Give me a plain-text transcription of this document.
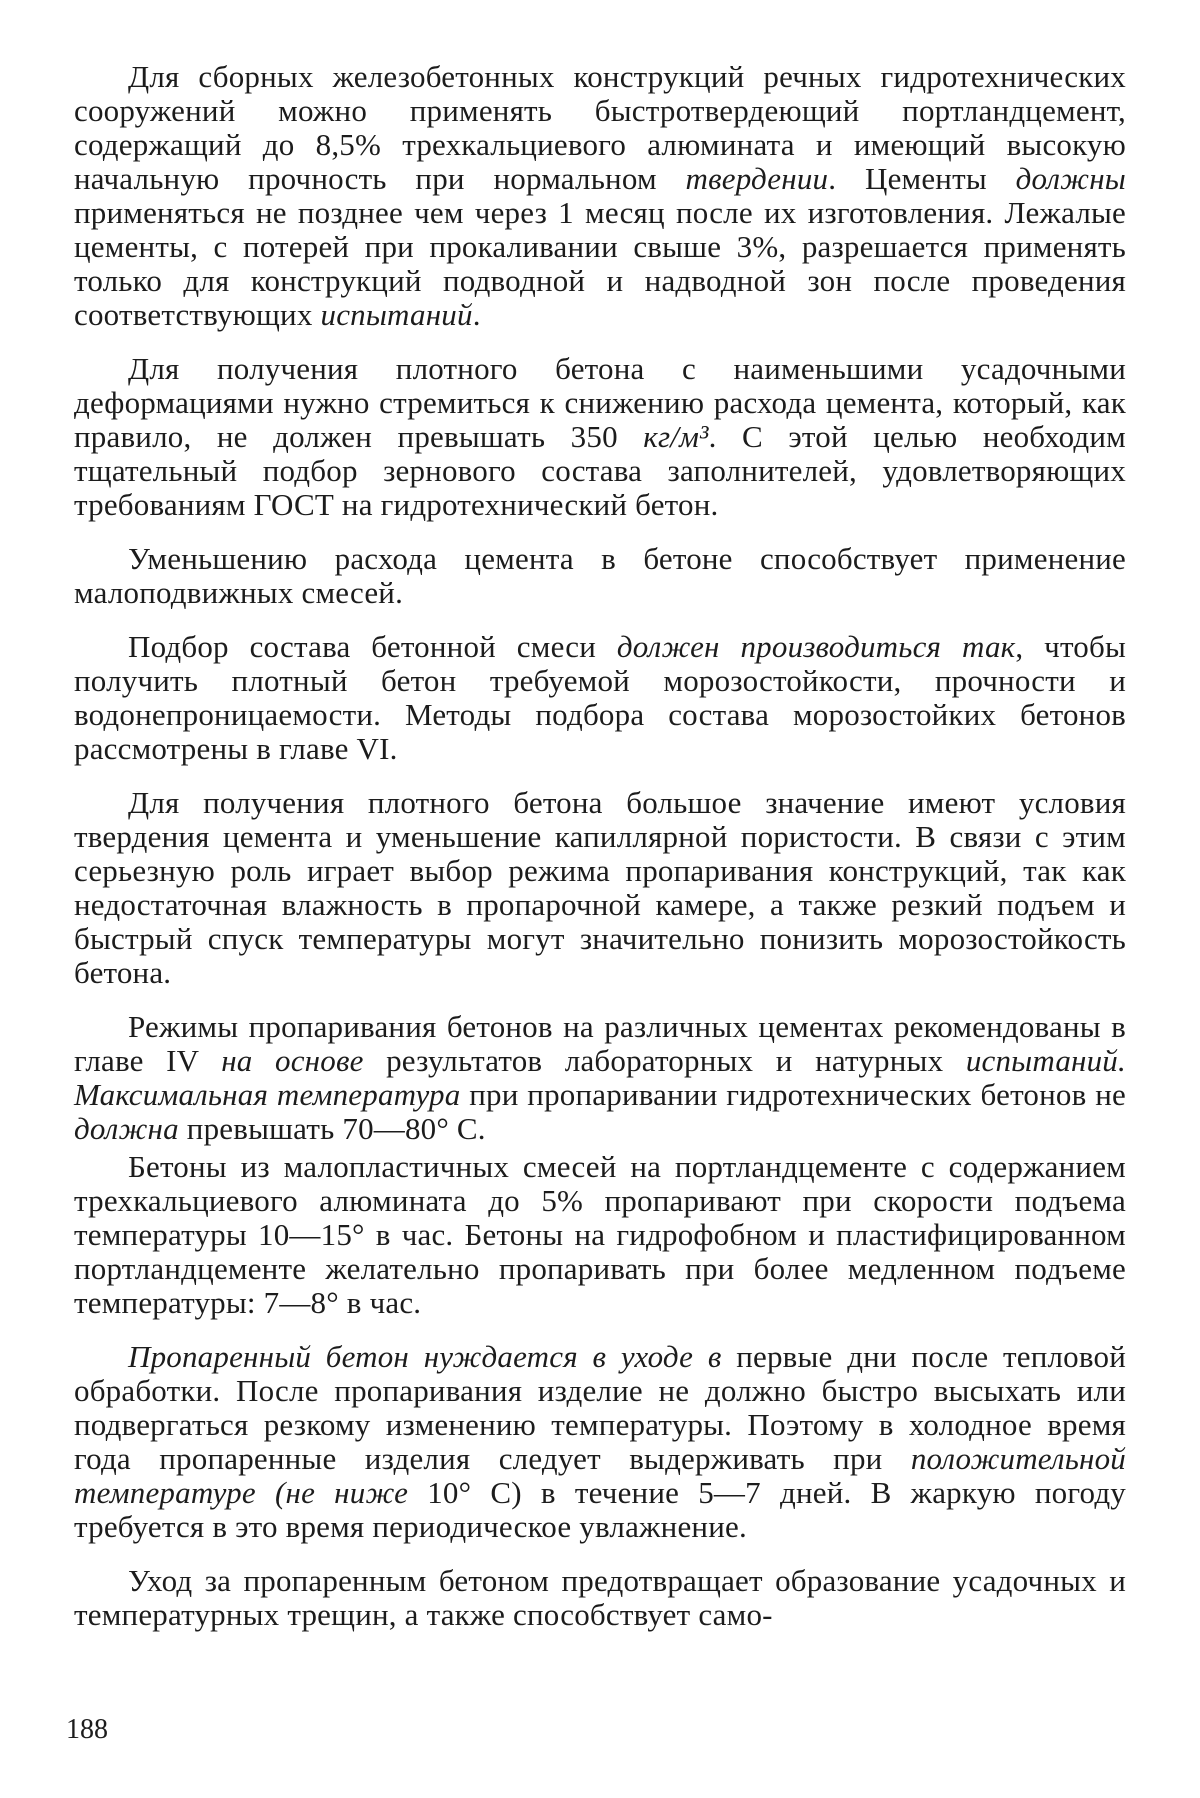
Для сборных железобетонных конструкций речных гидротехнических сооружений можно применять быстротвердеющий портландцемент, содержащий до 8,5% трехкальциевого алюмината и имеющий высокую начальную прочность при нормальном твердении. Цементы должны применяться не позднее чем через 1 месяц после их изготовления. Лежалые цементы, с потерей при прокаливании свыше 3%, разрешается применять только для конструкций подводной и надводной зон после проведения соответствующих испытаний.

Для получения плотного бетона с наименьшими усадочными деформациями нужно стремиться к снижению расхода цемента, который, как правило, не должен превышать 350 кг/м³. С этой целью необходим тщательный подбор зернового состава заполнителей, удовлетворяющих требованиям ГОСТ на гидротехнический бетон.

Уменьшению расхода цемента в бетоне способствует применение малоподвижных смесей.

Подбор состава бетонной смеси должен производиться так, чтобы получить плотный бетон требуемой морозостойкости, прочности и водонепроницаемости. Методы подбора состава морозостойких бетонов рассмотрены в главе VI.

Для получения плотного бетона большое значение имеют условия твердения цемента и уменьшение капиллярной пористости. В связи с этим серьезную роль играет выбор режима пропаривания конструкций, так как недостаточная влажность в пропарочной камере, а также резкий подъем и быстрый спуск температуры могут значительно понизить морозостойкость бетона.

Режимы пропаривания бетонов на различных цементах рекомендованы в главе IV на основе результатов лабораторных и натурных испытаний. Максимальная температура при пропаривании гидротехнических бетонов не должна превышать 70—80° С.

Бетоны из малопластичных смесей на портландцементе с содержанием трехкальциевого алюмината до 5% пропаривают при скорости подъема температуры 10—15° в час. Бетоны на гидрофобном и пластифицированном портландцементе желательно пропаривать при более медленном подъеме температуры: 7—8° в час.

Пропаренный бетон нуждается в уходе в первые дни после тепловой обработки. После пропаривания изделие не должно быстро высыхать или подвергаться резкому изменению температуры. Поэтому в холодное время года пропаренные изделия следует выдерживать при положительной температуре (не ниже 10° С) в течение 5—7 дней. В жаркую погоду требуется в это время периодическое увлажнение.

Уход за пропаренным бетоном предотвращает образование усадочных и температурных трещин, а также способствует само-

188
